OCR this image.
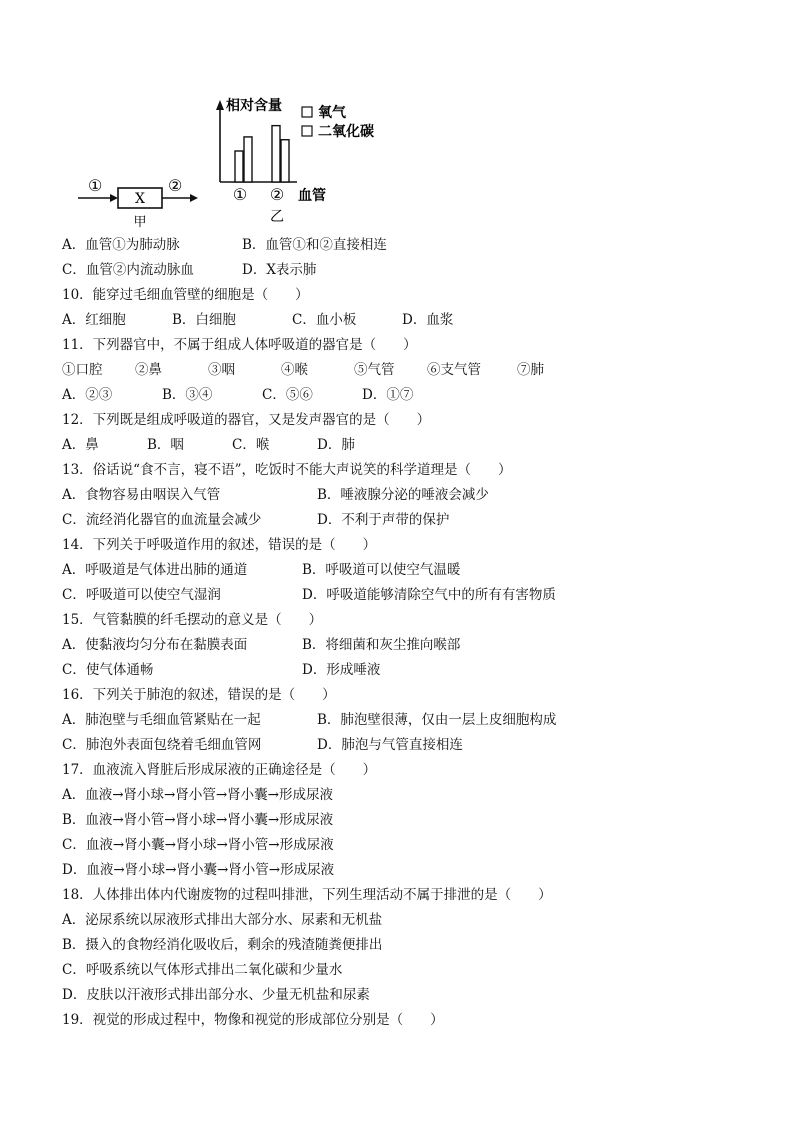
①
X
②
甲
相对含量	氧气
二氧化碳
① ② 血管
乙
A．血管①为肺动脉	B．血管①和②直接相连
C．血管②内流动脉血	D．X表示肺
10．能穿过毛细血管壁的细胞是（　　）
A．红细胞	B．白细胞	C．血小板	D．血浆
11．下列器官中，不属于组成人体呼吸道的器官是（　　）
①口腔 ②鼻	③咽	④喉	⑤气管 ⑥支气管	⑦肺
A．②③	B．③④	C．⑤⑥	D．①⑦
12．下列既是组成呼吸道的器官，又是发声器官的是（　　）
A．鼻	B．咽	C．喉	D．肺
13．俗话说“食不言，寝不语”，吃饭时不能大声说笑的科学道理是（　　）
A．食物容易由咽误入气管	B．唾液腺分泌的唾液会减少
C．流经消化器官的血流量会减少	D．不利于声带的保护
14．下列关于呼吸道作用的叙述，错误的是（　　）
A．呼吸道是气体进出肺的通道	B．呼吸道可以使空气温暖
C．呼吸道可以使空气湿润	D．呼吸道能够清除空气中的所有有害物质
15．气管黏膜的纤毛摆动的意义是（　　）
A．使黏液均匀分布在黏膜表面	B．将细菌和灰尘推向喉部
C．使气体通畅	D．形成唾液
16．下列关于肺泡的叙述，错误的是（　　）
A．肺泡壁与毛细血管紧贴在一起	B．肺泡壁很薄，仅由一层上皮细胞构成
C．肺泡外表面包绕着毛细血管网	D．肺泡与气管直接相连
17．血液流入肾脏后形成尿液的正确途径是（　　）
A．血液→肾小球→肾小管→肾小囊→形成尿液
B．血液→肾小管→肾小球→肾小囊→形成尿液
C．血液→肾小囊→肾小球→肾小管→形成尿液
D．血液→肾小球→肾小囊→肾小管→形成尿液
18．人体排出体内代谢废物的过程叫排泄，下列生理活动不属于排泄的是（　　）
A．泌尿系统以尿液形式排出大部分水、尿素和无机盐
B．摄入的食物经消化吸收后，剩余的残渣随粪便排出
C．呼吸系统以气体形式排出二氧化碳和少量水
D．皮肤以汗液形式排出部分水、少量无机盐和尿素
19．视觉的形成过程中，物像和视觉的形成部位分别是（　　）
